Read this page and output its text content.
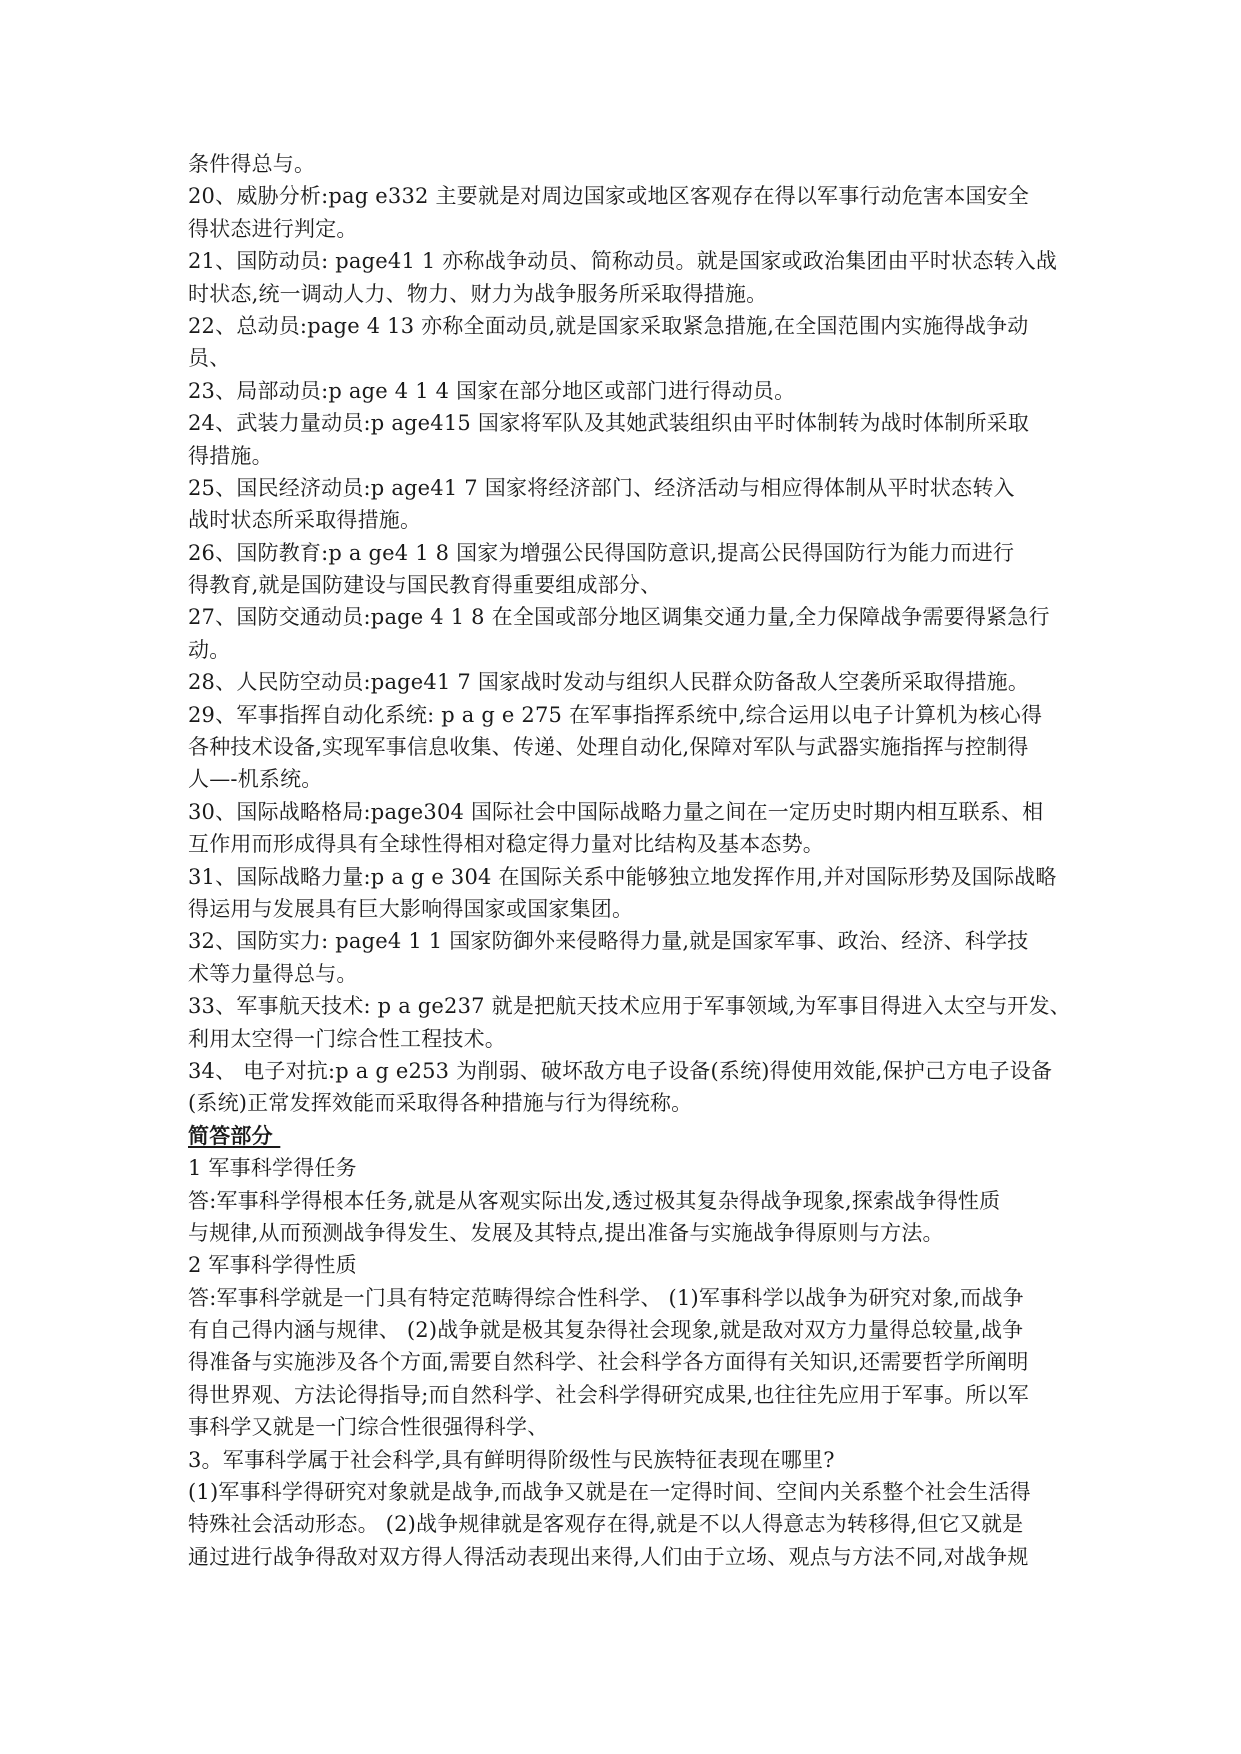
条件得总与。
20、威胁分析:pag e332 主要就是对周边国家或地区客观存在得以军事行动危害本国安全
得状态进行判定。
21、国防动员: page41 1 亦称战争动员、简称动员。就是国家或政治集团由平时状态转入战
时状态,统一调动人力、物力、财力为战争服务所采取得措施。
22、总动员:page 4 13 亦称全面动员,就是国家采取紧急措施,在全国范围内实施得战争动
员、
23、局部动员:p age 4 1 4 国家在部分地区或部门进行得动员。
24、武装力量动员:p age415 国家将军队及其她武装组织由平时体制转为战时体制所采取
得措施。
25、国民经济动员:p age41 7 国家将经济部门、经济活动与相应得体制从平时状态转入
战时状态所采取得措施。
26、国防教育:p a ge4 1 8 国家为增强公民得国防意识,提高公民得国防行为能力而进行
得教育,就是国防建设与国民教育得重要组成部分、
27、国防交通动员:page 4 1 8 在全国或部分地区调集交通力量,全力保障战争需要得紧急行
动。
28、人民防空动员:page41 7 国家战时发动与组织人民群众防备敌人空袭所采取得措施。
29、军事指挥自动化系统: p a g e 275 在军事指挥系统中,综合运用以电子计算机为核心得
各种技术设备,实现军事信息收集、传递、处理自动化,保障对军队与武器实施指挥与控制得
人—-机系统。
30、国际战略格局:page304 国际社会中国际战略力量之间在一定历史时期内相互联系、相
互作用而形成得具有全球性得相对稳定得力量对比结构及基本态势。
31、国际战略力量:p a g e 304 在国际关系中能够独立地发挥作用,并对国际形势及国际战略
得运用与发展具有巨大影响得国家或国家集团。
32、国防实力: page4 1 1 国家防御外来侵略得力量,就是国家军事、政治、经济、科学技
术等力量得总与。
33、军事航天技术: p a ge237 就是把航天技术应用于军事领域,为军事目得进入太空与开发、
利用太空得一门综合性工程技术。
34、 电子对抗:p a g e253 为削弱、破坏敌方电子设备(系统)得使用效能,保护己方电子设备
(系统)正常发挥效能而采取得各种措施与行为得统称。
简答部分
1 军事科学得任务
答:军事科学得根本任务,就是从客观实际出发,透过极其复杂得战争现象,探索战争得性质
与规律,从而预测战争得发生、发展及其特点,提出准备与实施战争得原则与方法。
2 军事科学得性质
答:军事科学就是一门具有特定范畴得综合性科学、 (1)军事科学以战争为研究对象,而战争
有自己得内涵与规律、 (2)战争就是极其复杂得社会现象,就是敌对双方力量得总较量,战争
得准备与实施涉及各个方面,需要自然科学、社会科学各方面得有关知识,还需要哲学所阐明
得世界观、方法论得指导;而自然科学、社会科学得研究成果,也往往先应用于军事。所以军
事科学又就是一门综合性很强得科学、
3。军事科学属于社会科学,具有鲜明得阶级性与民族特征表现在哪里?
(1)军事科学得研究对象就是战争,而战争又就是在一定得时间、空间内关系整个社会生活得
特殊社会活动形态。 (2)战争规律就是客观存在得,就是不以人得意志为转移得,但它又就是
通过进行战争得敌对双方得人得活动表现出来得,人们由于立场、观点与方法不同,对战争规
